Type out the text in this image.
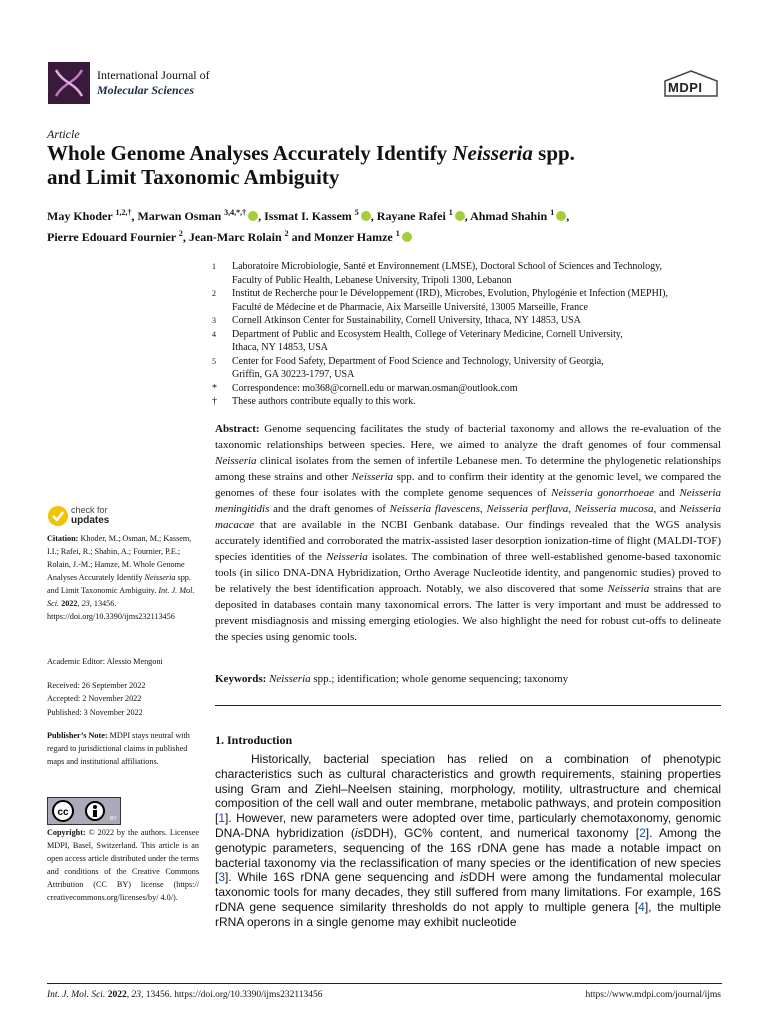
International Journal of
Molecular Sciences	MDPI
Article
Whole Genome Analyses Accurately Identify Neisseria spp.
and Limit Taxonomic Ambiguity
May Khoder $^{1,2,\dagger}$, Marwan Osman $^{3,4,*,\dagger}$ , Issmat I. Kassem $^5$ , Rayane Rafei $^1$ , Ahmad Shahin $^1$ ,
Pierre Edouard Fournier $^2$, Jean-Marc Rolain $^2$ and Monzer Hamze $^1$
1	Laboratoire Microbiologie, Santé et Environnement (LMSE), Doctoral School of Sciences and Technology,
Faculty of Public Health, Lebanese University, Tripoli 1300, Lebanon
2	Institut de Recherche pour le Développement (IRD), Microbes, Evolution, Phylogénie et Infection (MEPHI),
Faculté de Médecine et de Pharmacie, Aix Marseille Université, 13005 Marseille, France
3	Cornell Atkinson Center for Sustainability, Cornell University, Ithaca, NY 14853, USA
4	Department of Public and Ecosystem Health, College of Veterinary Medicine, Cornell University,
Ithaca, NY 14853, USA
5	Center for Food Safety, Department of Food Science and Technology, University of Georgia,
Griffin, GA 30223-1797, USA
*	Correspondence: mo368@cornell.edu or marwan.osman@outlook.com
†	These authors contribute equally to this work.
Abstract: Genome sequencing facilitates the study of bacterial taxonomy and allows the re-evaluation of the taxonomic relationships between species. Here, we aimed to analyze the draft genomes of four commensal Neisseria clinical isolates from the semen of infertile Lebanese men. To determine the phylogenetic relationships among these strains and other Neisseria spp. and to confirm their identity at the genomic level, we compared the genomes of these four isolates with the complete genome sequences of Neisseria gonorrhoeae and Neisseria meningitidis and the draft genomes of Neisseria flavescens, Neisseria perflava, Neisseria mucosa, and Neisseria macacae that are available in the NCBI Genbank database. Our findings revealed that the WGS analysis accurately identified and corroborated the matrix-assisted laser desorption ionization-time of flight (MALDI-TOF) species identities of the Neisseria isolates. The combination of three well-established genome-based taxonomic tools (in silico DNA-DNA Hybridization, Ortho Average Nucleotide identity, and pangenomic studies) proved to be relatively the best identification approach. Notably, we also discovered that some Neisseria strains that are deposited in databases contain many taxonomical errors. The latter is very important and must be addressed to prevent misdiagnosis and missing emerging etiologies. We also highlight the need for robust cut-offs to delineate the species using genomic tools.
Keywords: Neisseria spp.; identification; whole genome sequencing; taxonomy
1. Introduction
Historically, bacterial speciation has relied on a combination of phenotypic characteristics such as cultural characteristics and growth requirements, staining properties using Gram and Ziehl–Neelsen staining, morphology, motility, ultrastructure and chemical composition of the cell wall and outer membrane, metabolic pathways, and protein composition [1]. However, new parameters were adopted over time, particularly chemotaxonomy, genomic DNA-DNA hybridization (isDDH), GC% content, and numerical taxonomy [2]. Among the genotypic parameters, sequencing of the 16S rDNA gene has made a notable impact on bacterial taxonomy via the reclassification of many species or the identification of new species [3]. While 16S rDNA gene sequencing and isDDH were among the fundamental molecular taxonomic tools for many decades, they still suffered from many limitations. For example, 16S rDNA gene sequence similarity thresholds do not apply to multiple genera [4], the multiple rRNA operons in a single genome may exhibit nucleotide
check for
updates
Citation: Khoder, M.; Osman, M.; Kassem, I.I.; Rafei, R.; Shahin, A.; Fournier, P.E.; Rolain, J.-M.; Hamze, M. Whole Genome Analyses Accurately Identify Neisseria spp. and Limit Taxonomic Ambiguity. Int. J. Mol. Sci. 2022, 23, 13456. https://doi.org/10.3390/ijms232113456
Academic Editor: Alessio Mengoni
Received: 26 September 2022
Accepted: 2 November 2022
Published: 3 November 2022
Publisher’s Note: MDPI stays neutral with regard to jurisdictional claims in published maps and institutional affiliations.
cc
BY
Copyright: © 2022 by the authors. Licensee MDPI, Basel, Switzerland. This article is an open access article distributed under the terms and conditions of the Creative Commons Attribution (CC BY) license (https:// creativecommons.org/licenses/by/ 4.0/).
Int. J. Mol. Sci. 2022, 23, 13456. https://doi.org/10.3390/ijms232113456	https://www.mdpi.com/journal/ijms
